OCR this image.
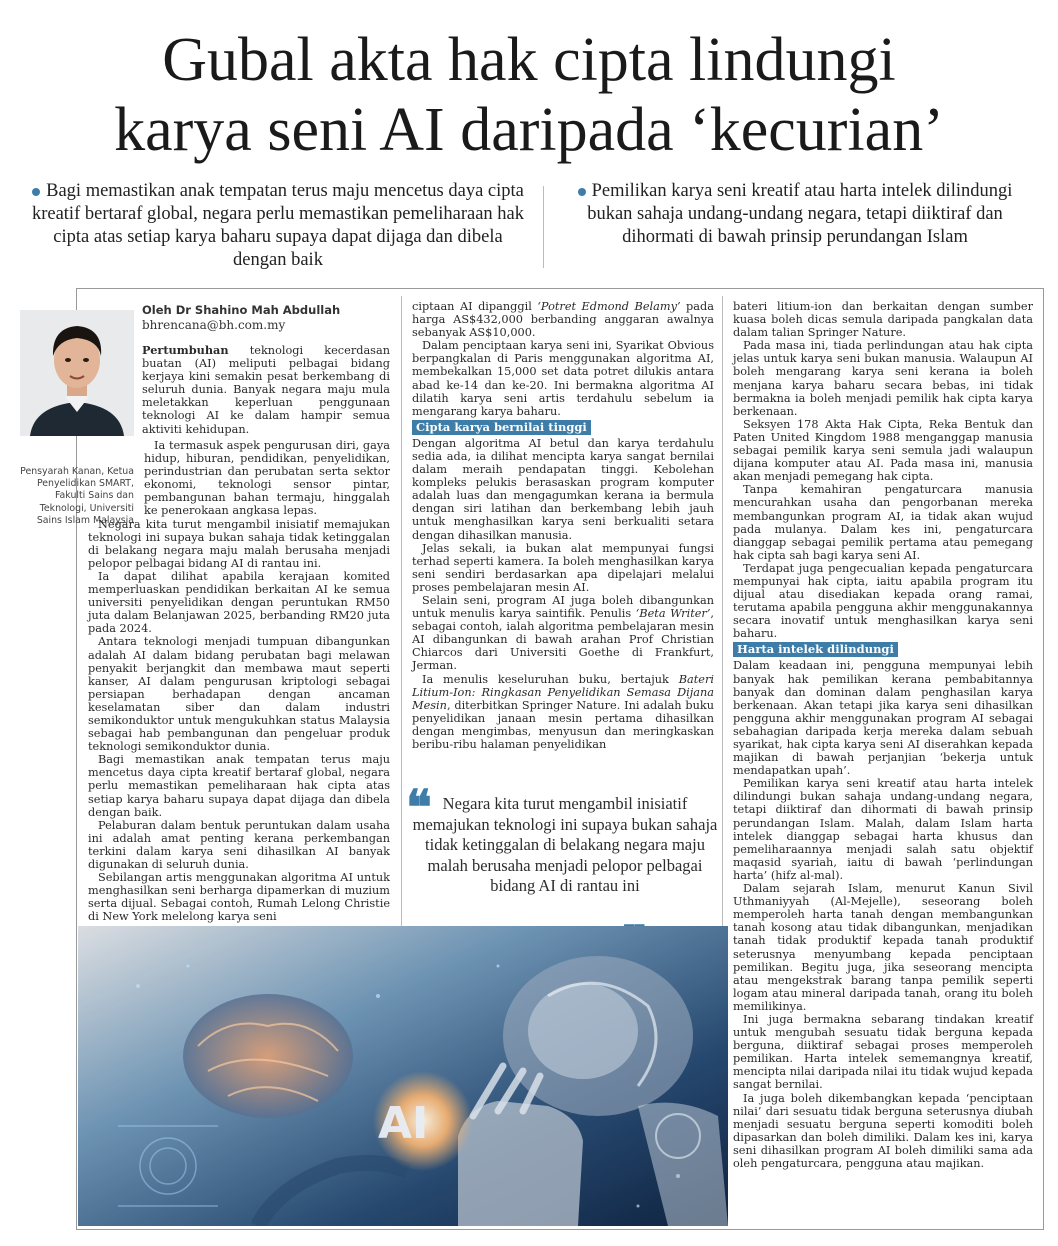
Gubal akta hak cipta lindungi
karya seni AI daripada ‘kecurian’
Bagi memastikan anak tempatan terus maju mencetus daya cipta kreatif bertaraf global, negara perlu memastikan pemeliharaan hak cipta atas setiap karya baharu supaya dapat dijaga dan dibela dengan baik
Pemilikan karya seni kreatif atau harta intelek dilindungi bukan sahaja undang-undang negara, tetapi diiktiraf dan dihormati di bawah prinsip perundangan Islam
Oleh Dr Shahino Mah Abdullah
bhrencana@bh.com.my
Pensyarah Kanan, Ketua Penyelidikan SMART, Fakulti Sains dan Teknologi, Universiti Sains Islam Malaysia

Pertumbuhan teknologi kecerdasan buatan (AI) meliputi pelbagai bidang kerjaya kini semakin pesat berkembang di seluruh dunia. Banyak negara maju mula meletakkan keperluan penggunaan teknologi AI ke dalam hampir semua aktiviti kehidupan.

Ia termasuk aspek pengurusan diri, gaya hidup, hiburan, pendidikan, penyelidikan, perindustrian dan perubatan serta sektor ekonomi, teknologi sensor pintar, pembangunan bahan termaju, hinggalah ke penerokaan angkasa lepas.

Negara kita turut mengambil inisiatif memajukan teknologi ini supaya bukan sahaja tidak ketinggalan di belakang negara maju malah berusaha menjadi pelopor pelbagai bidang AI di rantau ini.

Ia dapat dilihat apabila kerajaan komited memperluaskan pendidikan berkaitan AI ke semua universiti penyelidikan dengan peruntukan RM50 juta dalam Belanjawan 2025, berbanding RM20 juta pada 2024.

Antara teknologi menjadi tumpuan dibangunkan adalah AI dalam bidang perubatan bagi melawan penyakit berjangkit dan membawa maut seperti kanser, AI dalam pengurusan kriptologi sebagai persiapan berhadapan dengan ancaman keselamatan siber dan dalam industri semikonduktor untuk mengukuhkan status Malaysia sebagai hab pembangunan dan pengeluar produk teknologi semikonduktor dunia.

Bagi memastikan anak tempatan terus maju mencetus daya cipta kreatif bertaraf global, negara perlu memastikan pemeliharaan hak cipta atas setiap karya baharu supaya dapat dijaga dan dibela dengan baik.

Pelaburan dalam bentuk peruntukan dalam usaha ini adalah amat penting kerana perkembangan terkini dalam karya seni dihasilkan AI banyak digunakan di seluruh dunia.

Sebilangan artis menggunakan algoritma AI untuk menghasilkan seni berharga dipamerkan di muzium serta dijual. Sebagai contoh, Rumah Lelong Christie di New York melelong karya seni

ciptaan AI dipanggil ‘Potret Edmond Belamy’ pada harga AS$432,000 berbanding anggaran awalnya sebanyak AS$10,000.

Dalam penciptaan karya seni ini, Syarikat Obvious berpangkalan di Paris menggunakan algoritma AI, membekalkan 15,000 set data potret dilukis antara abad ke-14 dan ke-20. Ini bermakna algoritma AI dilatih karya seni artis terdahulu sebelum ia mengarang karya baharu.

Cipta karya bernilai tinggi

Dengan algoritma AI betul dan karya terdahulu sedia ada, ia dilihat mencipta karya sangat bernilai dalam meraih pendapatan tinggi. Kebolehan kompleks pelukis berasaskan program komputer adalah luas dan mengagumkan kerana ia bermula dengan siri latihan dan berkembang lebih jauh untuk menghasilkan karya seni berkualiti setara dengan dihasilkan manusia.

Jelas sekali, ia bukan alat mempunyai fungsi terhad seperti kamera. Ia boleh menghasilkan karya seni sendiri berdasarkan apa dipelajari melalui proses pembelajaran mesin AI.

Selain seni, program AI juga boleh dibangunkan untuk menulis karya saintifik. Penulis ‘Beta Writer’, sebagai contoh, ialah algoritma pembelajaran mesin AI dibangunkan di bawah arahan Prof Christian Chiarcos dari Universiti Goethe di Frankfurt, Jerman.

Ia menulis keseluruhan buku, bertajuk Bateri Litium-Ion: Ringkasan Penyelidikan Semasa Dijana Mesin, diterbitkan Springer Nature. Ini adalah buku penyelidikan janaan mesin pertama dihasilkan dengan mengimbas, menyusun dan meringkaskan beribu-ribu halaman penyelidikan

❝ Negara kita turut mengambil inisiatif memajukan teknologi ini supaya bukan sahaja tidak ketinggalan di belakang negara maju malah berusaha menjadi pelopor pelbagai bidang AI di rantau ini

bateri litium-ion dan berkaitan dengan sumber kuasa boleh dicas semula daripada pangkalan data dalam talian Springer Nature.

Pada masa ini, tiada perlindungan atau hak cipta jelas untuk karya seni bukan manusia. Walaupun AI boleh mengarang karya seni kerana ia boleh menjana karya baharu secara bebas, ini tidak bermakna ia boleh menjadi pemilik hak cipta karya berkenaan.

Seksyen 178 Akta Hak Cipta, Reka Bentuk dan Paten United Kingdom 1988 menganggap manusia sebagai pemilik karya seni semula jadi walaupun dijana komputer atau AI. Pada masa ini, manusia akan menjadi pemegang hak cipta.

Tanpa kemahiran pengaturcara manusia mencurahkan usaha dan pengorbanan mereka membangunkan program AI, ia tidak akan wujud pada mulanya. Dalam kes ini, pengaturcara dianggap sebagai pemilik pertama atau pemegang hak cipta sah bagi karya seni AI.

Terdapat juga pengecualian kepada pengaturcara mempunyai hak cipta, iaitu apabila program itu dijual atau disediakan kepada orang ramai, terutama apabila pengguna akhir menggunakannya secara inovatif untuk menghasilkan karya seni baharu.

Harta intelek dilindungi

Dalam keadaan ini, pengguna mempunyai lebih banyak hak pemilikan kerana pembabitannya banyak dan dominan dalam penghasilan karya berkenaan. Akan tetapi jika karya seni dihasilkan pengguna akhir menggunakan program AI sebagai sebahagian daripada kerja mereka dalam sebuah syarikat, hak cipta karya seni AI diserahkan kepada majikan di bawah perjanjian ‘bekerja untuk mendapatkan upah’.

Pemilikan karya seni kreatif atau harta intelek dilindungi bukan sahaja undang-undang negara, tetapi diiktiraf dan dihormati di bawah prinsip perundangan Islam. Malah, dalam Islam harta intelek dianggap sebagai harta khusus dan pemeliharaannya menjadi salah satu objektif maqasid syariah, iaitu di bawah ‘perlindungan harta’ (hifz al-mal).

Dalam sejarah Islam, menurut Kanun Sivil Uthmaniyyah (Al-Mejelle), seseorang boleh memperoleh harta tanah dengan membangunkan tanah kosong atau tidak dibangunkan, menjadikan tanah tidak produktif kepada tanah produktif seterusnya menyumbang kepada penciptaan pemilikan. Begitu juga, jika seseorang mencipta atau mengekstrak barang tanpa pemilik seperti logam atau mineral daripada tanah, orang itu boleh memilikinya.

Ini juga bermakna sebarang tindakan kreatif untuk mengubah sesuatu tidak berguna kepada berguna, diiktiraf sebagai proses memperoleh pemilikan. Harta intelek sememangnya kreatif, mencipta nilai daripada nilai itu tidak wujud kepada sangat bernilai.

Ia juga boleh dikembangkan kepada ‘penciptaan nilai’ dari sesuatu tidak berguna seterusnya diubah menjadi sesuatu berguna seperti komoditi boleh dipasarkan dan boleh dimiliki. Dalam kes ini, karya seni dihasilkan program AI boleh dimiliki sama ada oleh pengaturcara, pengguna atau majikan.

AI
